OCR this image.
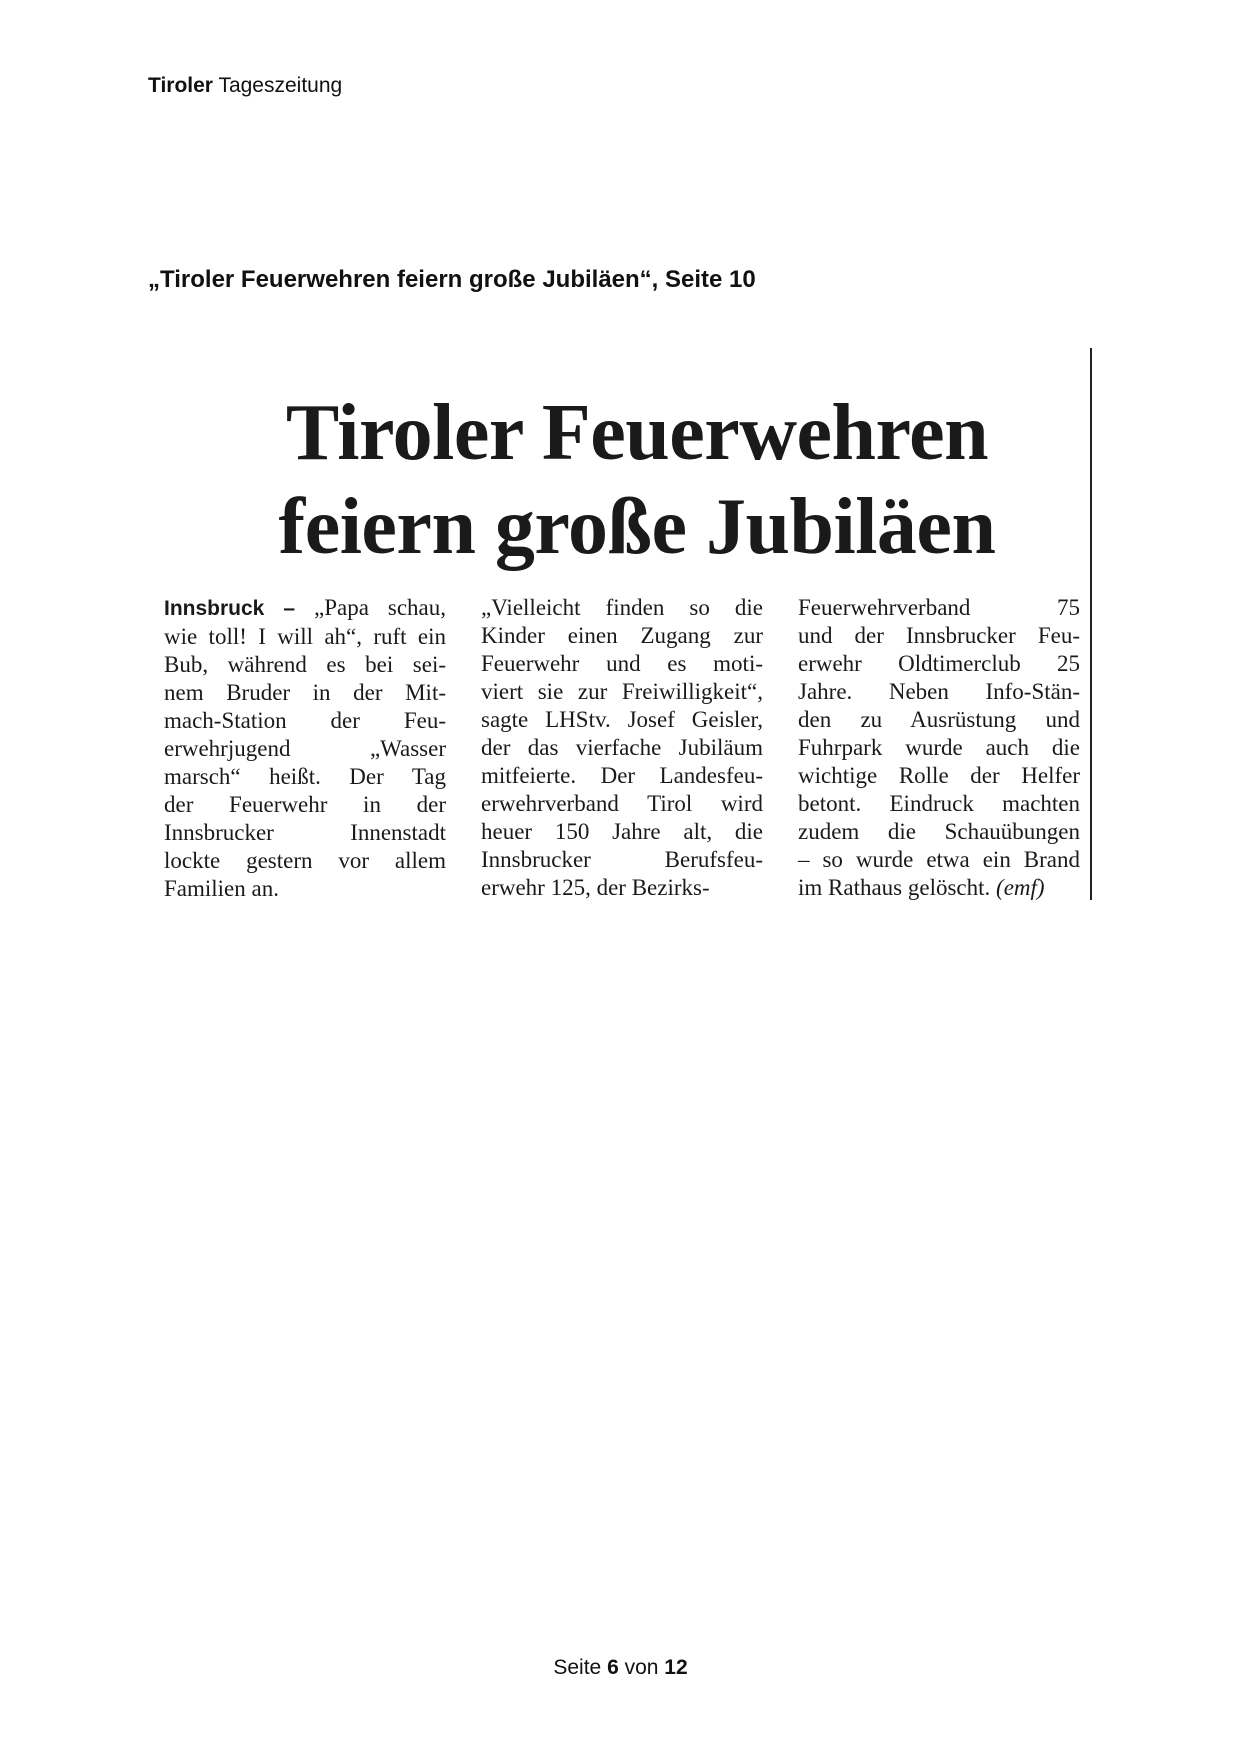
Tiroler Tageszeitung
„Tiroler Feuerwehren feiern große Jubiläen“, Seite 10
Tiroler Feuerwehren
feiern große Jubiläen
Innsbruck – „Papa schau,
wie toll! I will ah“, ruft ein
Bub, während es bei sei-
nem Bruder in der Mit-
mach-Station der Feu-
erwehrjugend „Wasser
marsch“ heißt. Der Tag
der Feuerwehr in der
Innsbrucker Innenstadt
lockte gestern vor allem
Familien an.
„Vielleicht finden so die
Kinder einen Zugang zur
Feuerwehr und es moti-
viert sie zur Freiwilligkeit“,
sagte LHStv. Josef Geisler,
der das vierfache Jubiläum
mitfeierte. Der Landesfeu-
erwehrverband Tirol wird
heuer 150 Jahre alt, die
Innsbrucker Berufsfeu-
erwehr 125, der Bezirks-
Feuerwehrverband 75
und der Innsbrucker Feu-
erwehr Oldtimerclub 25
Jahre. Neben Info-Stän-
den zu Ausrüstung und
Fuhrpark wurde auch die
wichtige Rolle der Helfer
betont. Eindruck machten
zudem die Schauübungen
– so wurde etwa ein Brand
im Rathaus gelöscht. (emf)
Seite 6 von 12
